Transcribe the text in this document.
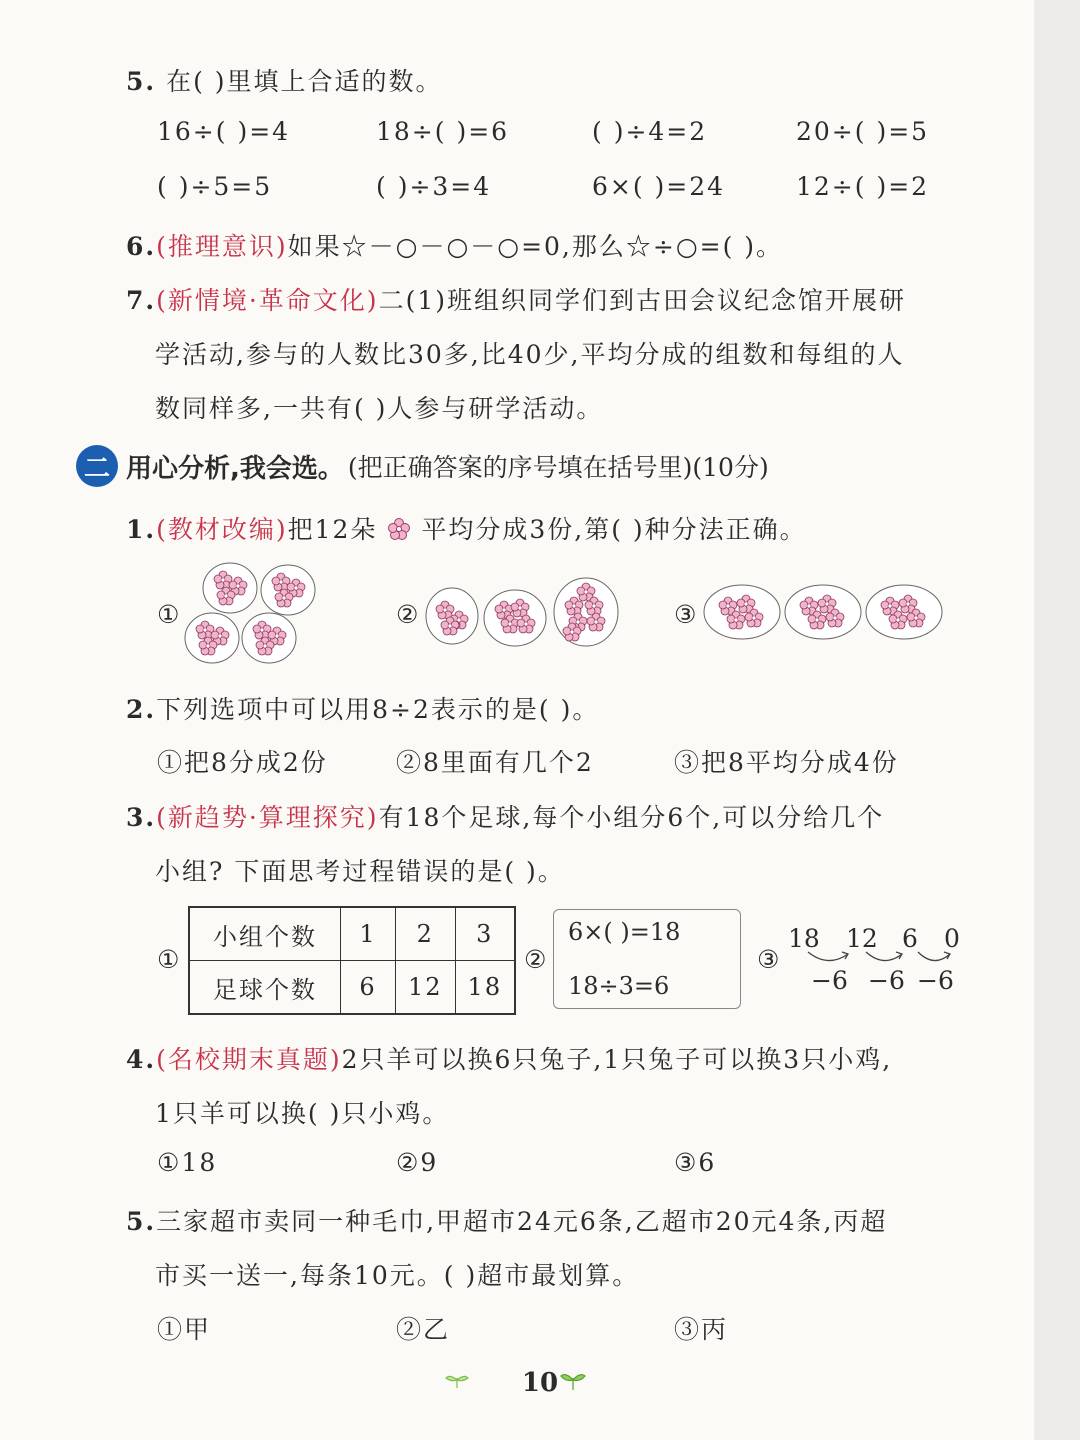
5. 在( )里填上合适的数。
16÷( )=4	18÷( )=6	( )÷4=2	20÷( )=5
( )÷5=5	( )÷3=4	6×( )=24	12÷( )=2
6.(推理意识)如果☆－○－○－○=0,那么☆÷○=( )。
7.(新情境·革命文化)二(1)班组织同学们到古田会议纪念馆开展研
学活动,参与的人数比30多,比40少,平均分成的组数和每组的人
数同样多,一共有( )人参与研学活动。
二 用心分析,我会选。 (把正确答案的序号填在括号里)(10分)
1.(教材改编)把12朵 平均分成3份,第( )种分法正确。
①	②	③
2.下列选项中可以用8÷2表示的是( )。
①把8分成2份	②8里面有几个2	③把8平均分成4份
3.(新趋势·算理探究)有18个足球,每个小组分6个,可以分给几个
小组? 下面思考过程错误的是( )。
①
小组个数	1	2	3
足球个数	6	12	18
②
6×( )=18
18÷3=6
③
18 12 6 0
−6 −6 −6
4.(名校期末真题)2只羊可以换6只兔子,1只兔子可以换3只小鸡,
1只羊可以换( )只小鸡。
①18	②9	③6
5.三家超市卖同一种毛巾,甲超市24元6条,乙超市20元4条,丙超
市买一送一,每条10元。( )超市最划算。
①甲	②乙	③丙
10
